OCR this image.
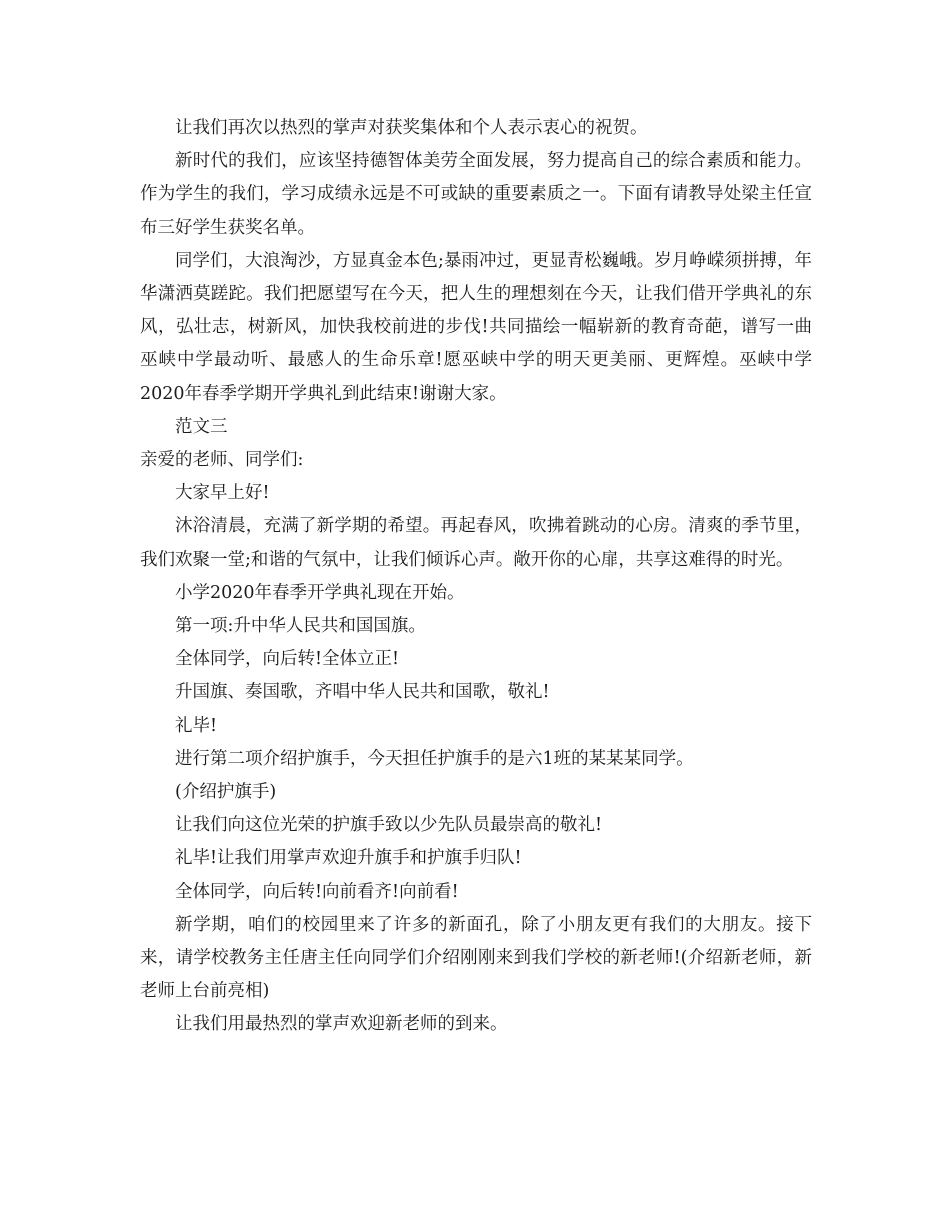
让我们再次以热烈的掌声对获奖集体和个人表示衷心的祝贺。

新时代的我们，应该坚持德智体美劳全面发展，努力提高自己的综合素质和能力。作为学生的我们，学习成绩永远是不可或缺的重要素质之一。下面有请教导处梁主任宣布三好学生获奖名单。

同学们，大浪淘沙，方显真金本色;暴雨冲过，更显青松巍峨。岁月峥嵘须拼搏，年华潇洒莫蹉跎。我们把愿望写在今天，把人生的理想刻在今天，让我们借开学典礼的东风，弘壮志，树新风，加快我校前进的步伐!共同描绘一幅崭新的教育奇葩，谱写一曲巫峡中学最动听、最感人的生命乐章!愿巫峡中学的明天更美丽、更辉煌。巫峡中学2020年春季学期开学典礼到此结束!谢谢大家。

范文三

亲爱的老师、同学们:

大家早上好!

沐浴清晨，充满了新学期的希望。再起春风，吹拂着跳动的心房。清爽的季节里，我们欢聚一堂;和谐的气氛中，让我们倾诉心声。敞开你的心扉，共享这难得的时光。

小学2020年春季开学典礼现在开始。

第一项:升中华人民共和国国旗。

全体同学，向后转!全体立正!

升国旗、奏国歌，齐唱中华人民共和国歌，敬礼!

礼毕!

进行第二项介绍护旗手，今天担任护旗手的是六1班的某某某同学。

(介绍护旗手)

让我们向这位光荣的护旗手致以少先队员最崇高的敬礼!

礼毕!让我们用掌声欢迎升旗手和护旗手归队!

全体同学，向后转!向前看齐!向前看!

新学期，咱们的校园里来了许多的新面孔，除了小朋友更有我们的大朋友。接下来，请学校教务主任唐主任向同学们介绍刚刚来到我们学校的新老师!(介绍新老师，新老师上台前亮相)

让我们用最热烈的掌声欢迎新老师的到来。
